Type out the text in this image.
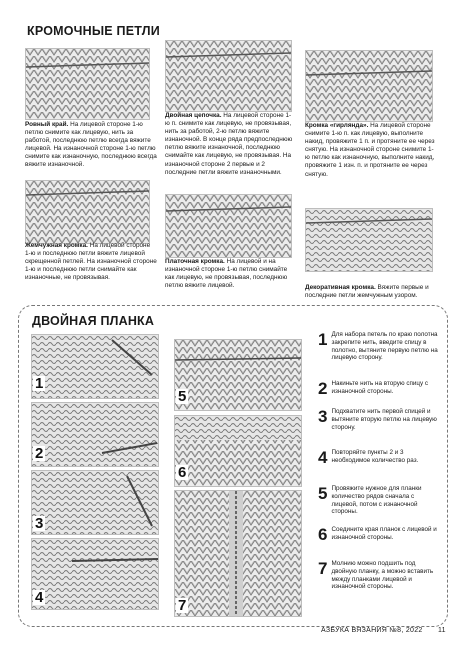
КРОМОЧНЫЕ ПЕТЛИ
Ровный край. На лицевой стороне 1-ю петлю снимите как лицевую, нить за работой, последнюю петлю всегда вяжите лицевой. На изнаночной стороне 1-ю петлю снимите как изнаночную, последнюю всегда вяжите изнаночной.
Двойная цепочка. На лицевой стороне 1-ю п. снимите как лицевую, не провязывая, нить за работой, 2-ю петлю вяжите изнаночной. В конце ряда предпоследнюю петлю вяжите изнаночной, последнюю снимайте как лицевую, не провязывая. На изнаночной стороне 2 первые и 2 последние петли вяжите изнаночными.
Кромка «гирлянда». На лицевой стороне снимите 1-ю п. как лицевую, выполните накид, провяжите 1 п. и протяните ее через снятую. На изнаночной стороне снимите 1-ю петлю как изнаночную, выполните накид, провяжите 1 изн. п. и протяните ее через снятую.
Жемчужная кромка. На лицевой стороне 1-ю и последнюю петли вяжите лицевой скрещенной петлей. На изнаночной стороне 1-ю и последнюю петли снимайте как изнаночные, не провязывая.
Платочная кромка. На лицевой и на изнаночной стороне 1-ю петлю снимайте как лицевую, не провязывая, последнюю петлю вяжите лицевой.	Декоративная кромка. Вяжите первые и последние петли жемчужным узором.
ДВОЙНАЯ ПЛАНКА
1
2
3
4
5
6
7
1 Для набора петель по краю полотна закрепите нить, введите спицу в полотно, вытяните первую петлю на лицевую сторону.
2 Накиньте нить на вторую спицу с изнаночной стороны.
3 Подхватите нить первой спицей и вытяните вторую петлю на лицевую сторону.
4 Повторяйте пункты 2 и 3 необходимое количество раз.
5 Провяжите нужное для планки количество рядов сначала с лицевой, потом с изнаночной стороны.
6 Соедините края планок с лицевой и изнаночной стороны.
7 Молнию можно подшить под двойную планку, а можно вставить между планками лицевой и изнаночной стороны.
АЗБУКА ВЯЗАНИЯ №8, 2022 11
